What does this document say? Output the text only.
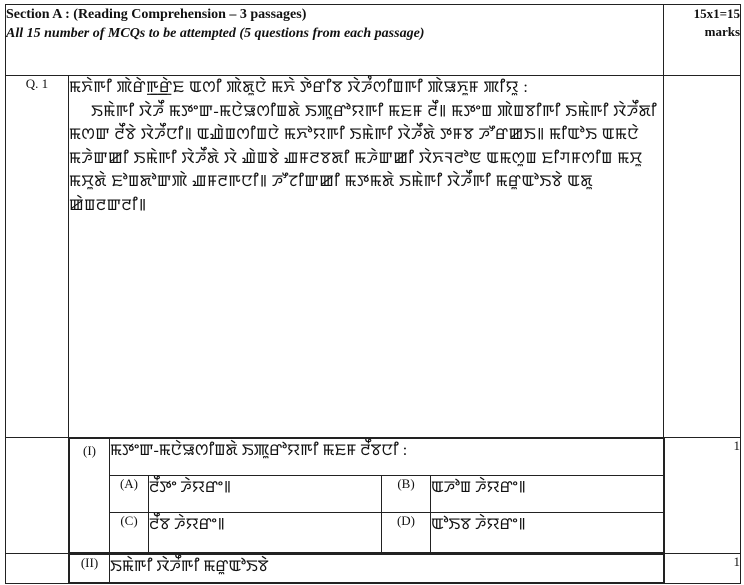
Section A : (Reading Comprehension – 3 passages)
All 15 number of MCQs to be attempted (5 questions from each passage)

15x1=15
marks

Q. 1	ꯃꯈꯥꯒꯤ ꯄꯥꯔꯥꯒ꯭ꯔꯥꯐ ꯑꯁꯤ ꯄꯥꯗꯨꯅꯥ ꯃꯈꯥ ꯇꯥꯔꯤꯕ ꯋꯥꯍꯪꯁꯤꯡꯒꯤ ꯄꯥꯎꯈꯨꯝ ꯄꯤꯌꯨ :

ꯏꯃꯥꯒꯤ ꯋꯥꯍꯩ ꯃꯇꯦꯛ-ꯃꯅꯥꯎꯁꯤꯡꯗꯥ ꯏꯄꯨꯔꯣꯌꯒꯤ ꯃꯐꯝ ꯂꯩ꯫ ꯃꯇꯦꯡ ꯄꯥꯡꯕꯤꯒꯤ ꯏꯃꯥꯒꯤ ꯋꯥꯍꯩꯗꯤ ꯃꯁꯛ ꯂꯩꯕꯥ ꯋꯥꯍꯩꯅꯤ꯫ ꯑꯉꯥꯡꯁꯤꯡꯅꯥ ꯃꯈꯣꯌꯒꯤ ꯏꯃꯥꯒꯤ ꯋꯥꯍꯩꯗꯥ ꯇꯝꯕ ꯍꯧꯔꯀꯏ꯫ ꯃꯤꯑꯣꯏ ꯑꯃꯅꯥ ꯃꯍꯥꯛꯀꯤ ꯏꯃꯥꯒꯤ ꯋꯥꯍꯩꯗꯥ ꯋꯥ ꯉꯥꯡꯕꯥ ꯉꯝꯂꯕꯗꯤ ꯃꯍꯥꯛꯀꯤ ꯋꯥꯈꯜꯂꯣꯟ ꯑꯃꯁꯨꯡ ꯐꯤꯚꯝꯁꯤꯡ ꯃꯆꯨ ꯃꯆꯨꯗꯥ ꯐꯣꯡꯗꯣꯛꯄꯥ ꯉꯝꯂꯒꯅꯤ꯫ ꯍꯧꯖꯤꯛꯀꯤ ꯃꯇꯃꯗꯥ ꯏꯃꯥꯒꯤ ꯋꯥꯍꯩꯒꯤ ꯃꯔꯨꯑꯣꯏꯕꯥ ꯑꯗꯨ ꯀꯥꯡꯂꯛꯂꯤ꯫

(I)	ꯃꯇꯦꯛ-ꯃꯅꯥꯎꯁꯤꯡꯗꯥ ꯏꯄꯨꯔꯣꯌꯒꯤ ꯃꯐꯝ ꯂꯩꯕꯅꯤ :
(A)	ꯂꯩꯇꯦ ꯍꯥꯌꯔꯦ꯫	(B)	ꯑꯍꯣꯡ ꯍꯥꯌꯔꯦ꯫
(C)	ꯂꯩꯕ ꯍꯥꯌꯔꯦ꯫	(D)	ꯑꯣꯏꯕ ꯍꯥꯌꯔꯦ꯫
	1

(II)	ꯏꯃꯥꯒꯤ ꯋꯥꯍꯩꯒꯤ ꯃꯔꯨꯑꯣꯏꯕꯥ
		1
